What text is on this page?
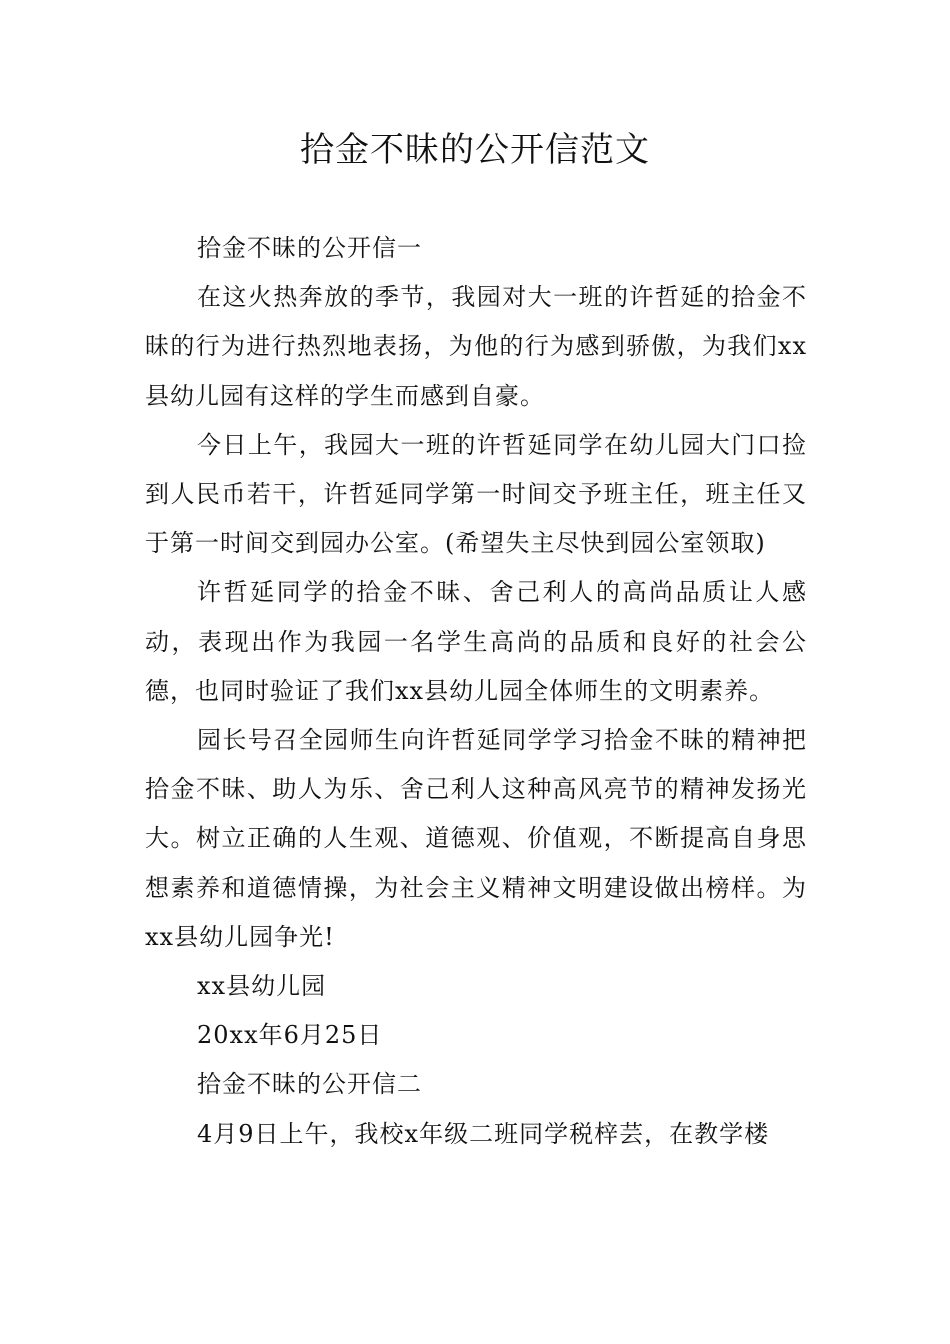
拾金不昧的公开信范文

拾金不昧的公开信一

在这火热奔放的季节，我园对大一班的许哲延的拾金不昧的行为进行热烈地表扬，为他的行为感到骄傲，为我们xx县幼儿园有这样的学生而感到自豪。

今日上午，我园大一班的许哲延同学在幼儿园大门口捡到人民币若干，许哲延同学第一时间交予班主任，班主任又于第一时间交到园办公室。(希望失主尽快到园公室领取)

许哲延同学的拾金不昧、舍己利人的高尚品质让人感动，表现出作为我园一名学生高尚的品质和良好的社会公德，也同时验证了我们xx县幼儿园全体师生的文明素养。

园长号召全园师生向许哲延同学学习拾金不昧的精神把拾金不昧、助人为乐、舍己利人这种高风亮节的精神发扬光大。树立正确的人生观、道德观、价值观，不断提高自身思想素养和道德情操，为社会主义精神文明建设做出榜样。为xx县幼儿园争光!

xx县幼儿园

20xx年6月25日

拾金不昧的公开信二

4月9日上午，我校x年级二班同学税梓芸，在教学楼
